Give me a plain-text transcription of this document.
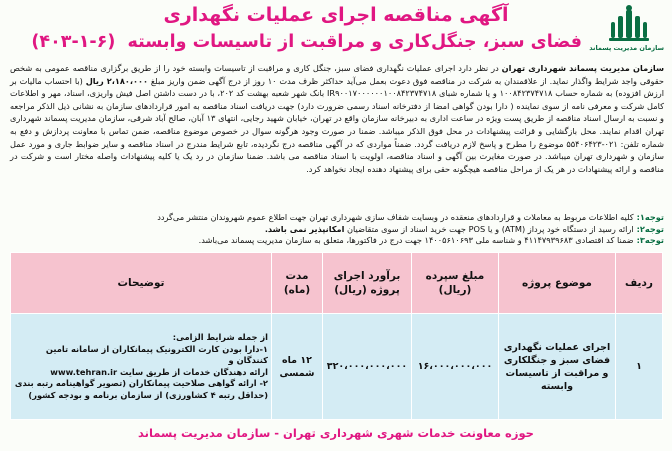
سازمان مدیریت پسماند
آگهی مناقصه اجرای عملیات نگهداری
فضای سبز، جنگل‌کاری و مراقبت از تاسیسات وابسته (۶-۱-۴۰۳)
سازمان مدیریت پسماند شهرداری تهران در نظر دارد اجرای عملیات نگهداری فضای سبز، جنگل کاری و مراقبت از تاسیسات وابسته خود را از طریق برگزاری مناقصه عمومی به شخص حقوقی واجد شرایط واگذار نماید. از علاقمندان به شرکت در مناقصه فوق دعوت بعمل می‌آید حداکثر ظرف مدت ۱۰ روز از درج آگهی ضمن واریز مبلغ ۲،۱۸۰،۰۰۰ ریال (با احتساب مالیات بر ارزش افزوده) به شماره حساب ۱۰۰۸۴۲۳۷۴۷۱۸ و یا شماره شبای IR۹۰۰۱۷۰۰۰۰۰۰۱۰۰۸۴۲۳۷۴۷۱۸ بانک شهر شعبه بهشت کد ۲۰۲، با در دست داشتن اصل فیش واریزی، اسناد، مهر و اطلاعات کامل شرکت و معرفی نامه از سوی نماینده ( دارا بودن گواهی امضا از دفترخانه اسناد رسمی ضرورت دارد) جهت دریافت اسناد مناقصه به امور قراردادهای سازمان به نشانی ذیل الذکر مراجعه و نسبت به ارسال اسناد مناقصه از طریق پست ویژه در ساعت اداری به دبیرخانه سازمان واقع در تهران، خیابان شهید رجایی، انتهای ۱۳ آبان، صالح آباد شرقی، سازمان مدیریت پسماند شهرداری تهران اقدام نمایند. محل بازگشایی و قرائت پیشنهادات در محل فوق الذکر میباشد. ضمنا در صورت وجود هرگونه سوال در خصوص موضوع مناقصه، ضمن تماس با معاونت پردازش و دفع به شماره تلفن: ۰۲۱-۵۵۴۰۶۴۲۳ موضوع را مطرح و پاسخ لازم دریافت گردد. ضمناً مواردی که در آگهی مناقصه درج نگردیده، تابع شرایط مندرج در اسناد مناقصه و سایر ضوابط جاری و مورد عمل سازمان و شهرداری تهران میباشد. در صورت مغایرت بین آگهی و اسناد مناقصه، اولویت با اسناد مناقصه می باشد. ضمنا سازمان در رد یک یا کلیه پیشنهادات واصله مختار است و شرکت در مناقصه و ارائه پیشنهادات در هر یک از مراحل مناقصه هیچگونه حقی برای پیشنهاد دهنده ایجاد نخواهد کرد.
توجه۱:کلیه اطلاعات مربوط به معاملات و قراردادهای منعقده در وبسایت شفاف سازی شهرداری تهران جهت اطلاع عموم شهروندان منتشر می‌گردد
توجه۲:ارائه رسید از دستگاه خود پرداز (ATM) و یا POS جهت خرید اسناد از سوی متقاضیان امکانپذیر نمی باشد.
توجه۳:ضمنا کد اقتصادی ۴۱۱۴۷۹۳۹۶۸۳ و شناسه ملی ۱۴۰۰۵۶۱۰۶۹۳ جهت درج در فاکتور‌ها، متعلق به سازمان مدیریت پسماند می‌باشد.
ردیف	موضوع پروژه	مبلغ سپرده (ریال)	برآورد اجرای پروژه (ریال)	مدت (ماه)	توضیحات
۱	اجرای عملیات نگهداری فضای سبز و جنگلکاری و مراقبت از تاسیسات وابسته	۱۶،۰۰۰،۰۰۰،۰۰۰	۳۲۰،۰۰۰،۰۰۰،۰۰۰	۱۲ ماه شمسی	از جمله شرایط الزامی:
۱-دارا بودن کارت الکترونیک پیمانکاران از سامانه تامین کنندگان و
ارائه دهندگان خدمات از طریق سایت www.tehran.ir
۲- ارائه گواهی صلاحیت پیمانکاران (تصویر گواهینامه رتبه بندی
(حداقل رتبه ۴ کشاورزی) از سازمان برنامه و بودجه کشور)
حوزه معاونت خدمات شهری شهرداری تهران - سازمان مدیریت پسماند
